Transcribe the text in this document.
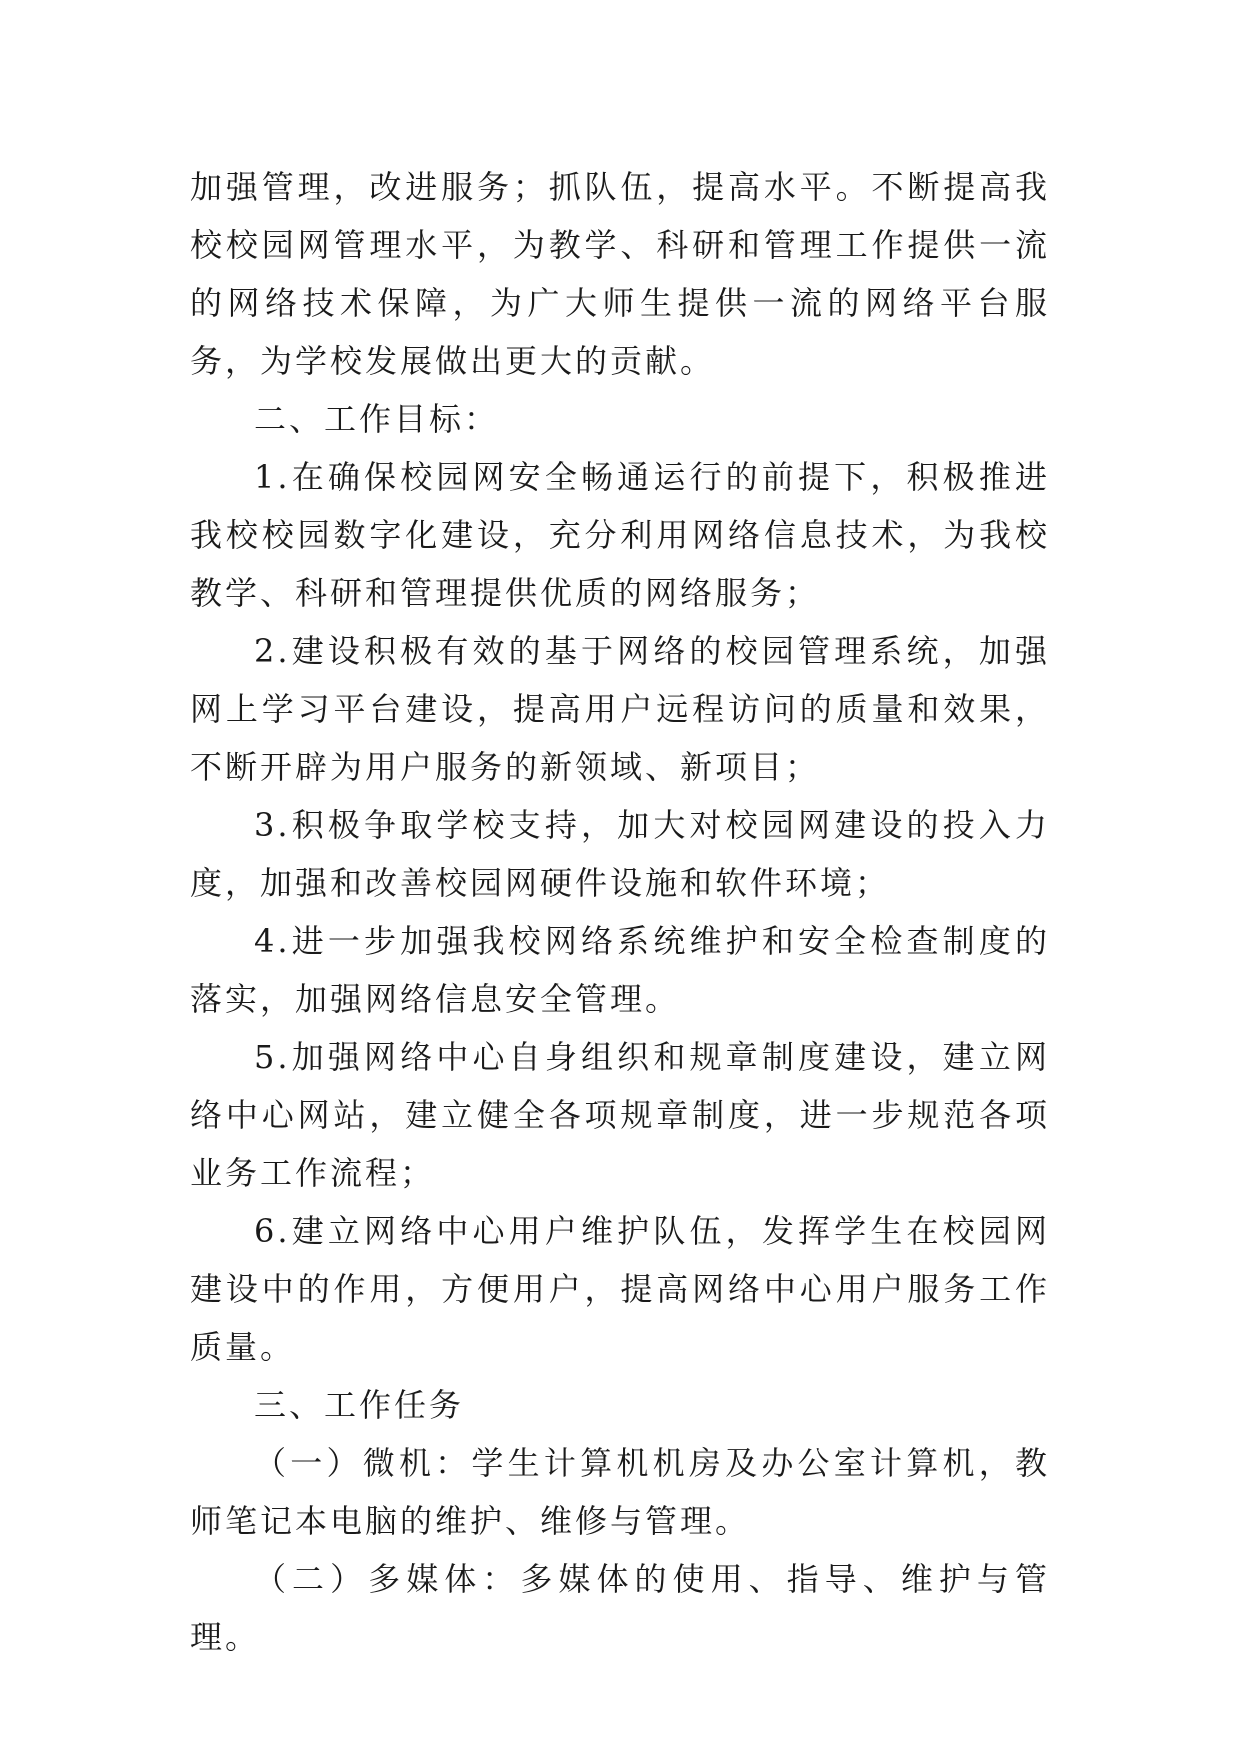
加强管理，改进服务；抓队伍，提高水平。不断提高我校校园网管理水平，为教学、科研和管理工作提供一流的网络技术保障，为广大师生提供一流的网络平台服务，为学校发展做出更大的贡献。

二、工作目标：

1.在确保校园网安全畅通运行的前提下，积极推进我校校园数字化建设，充分利用网络信息技术，为我校教学、科研和管理提供优质的网络服务；

2.建设积极有效的基于网络的校园管理系统，加强网上学习平台建设，提高用户远程访问的质量和效果，不断开辟为用户服务的新领域、新项目；

3.积极争取学校支持，加大对校园网建设的投入力度，加强和改善校园网硬件设施和软件环境；

4.进一步加强我校网络系统维护和安全检查制度的落实，加强网络信息安全管理。

5.加强网络中心自身组织和规章制度建设，建立网络中心网站，建立健全各项规章制度，进一步规范各项业务工作流程；

6.建立网络中心用户维护队伍，发挥学生在校园网建设中的作用，方便用户，提高网络中心用户服务工作质量。

三、工作任务

（一）微机：学生计算机机房及办公室计算机，教师笔记本电脑的维护、维修与管理。

（二）多媒体：多媒体的使用、指导、维护与管理。
